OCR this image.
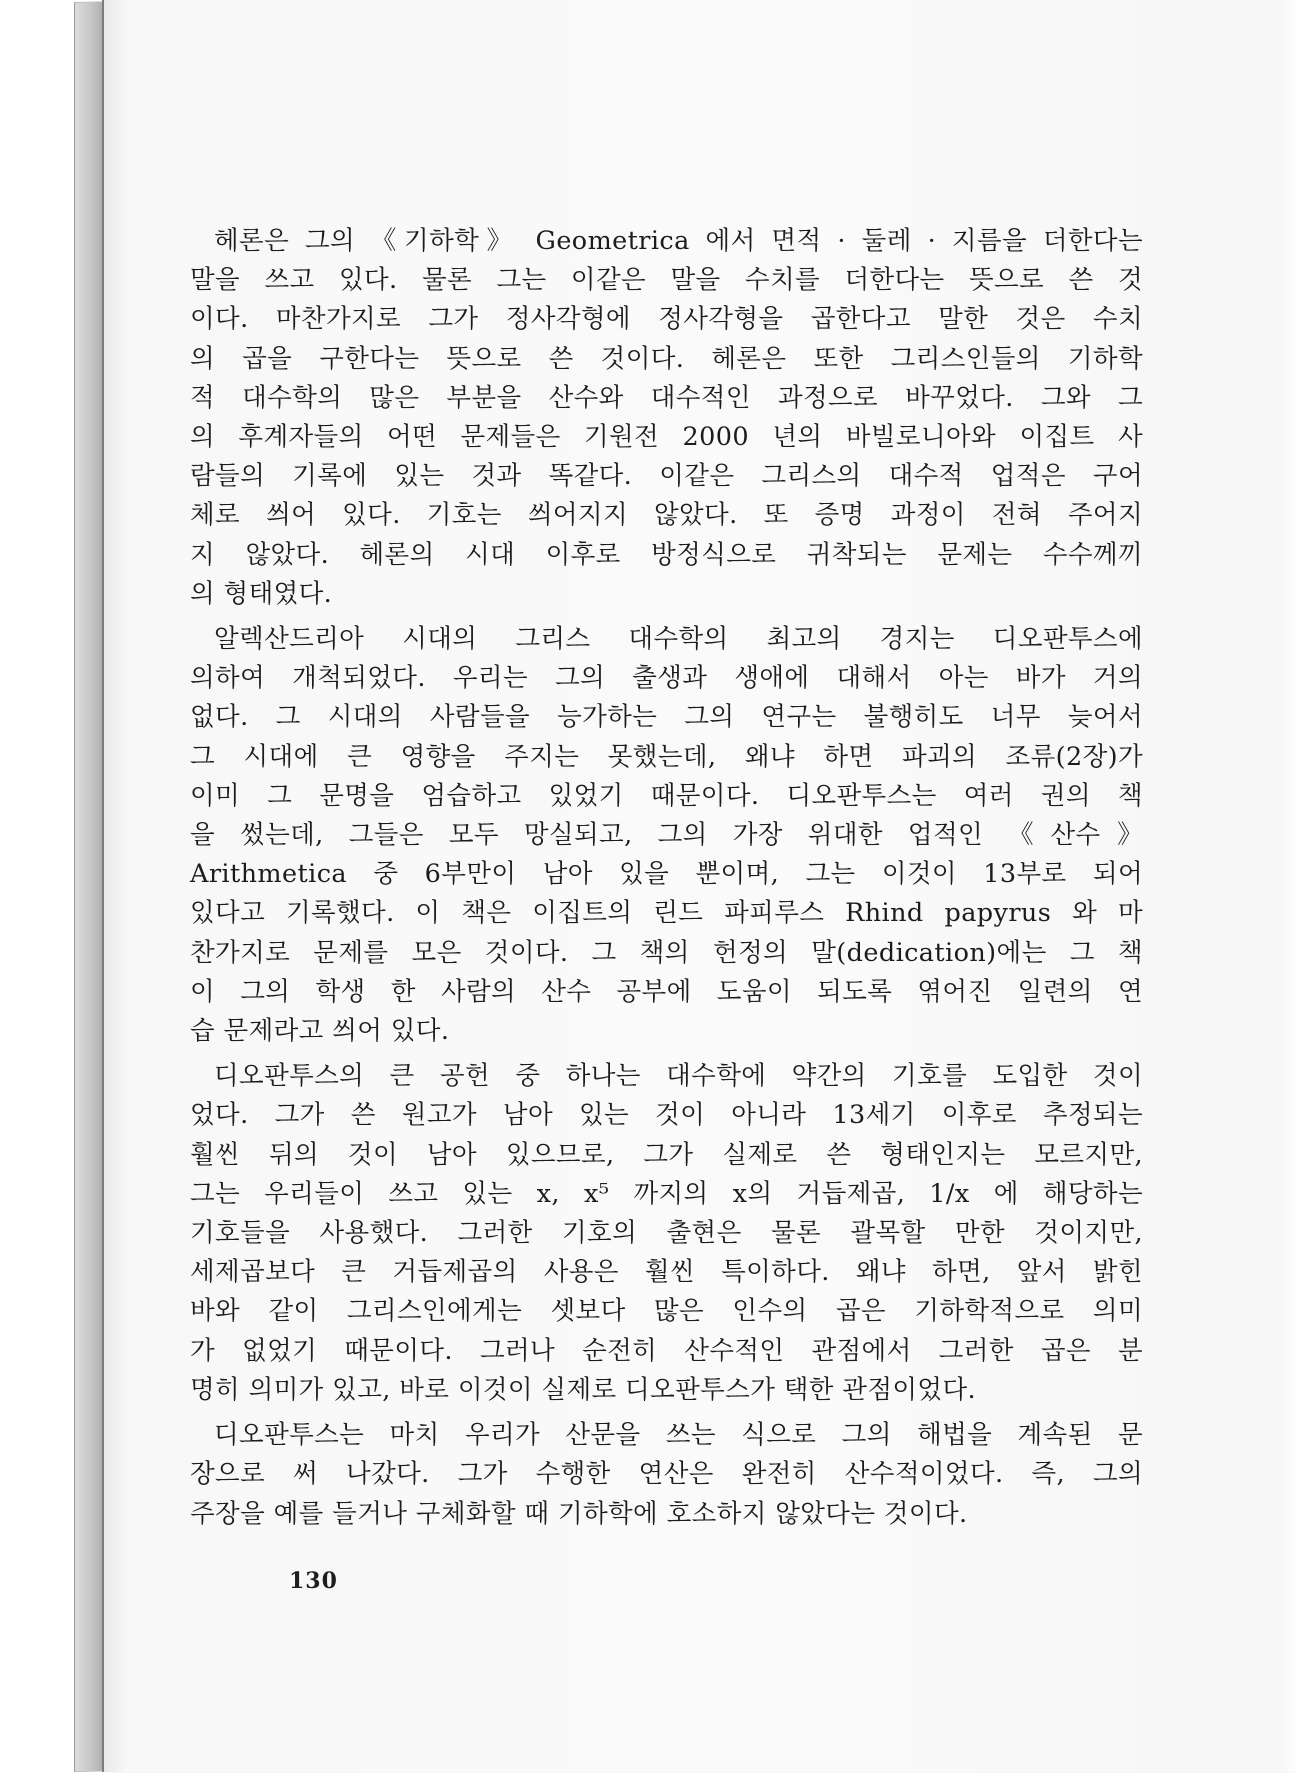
헤론은 그의 《기하학》 Geometrica 에서 면적 · 둘레 · 지름을 더한다는
말을 쓰고 있다. 물론 그는 이같은 말을 수치를 더한다는 뜻으로 쓴 것
이다. 마찬가지로 그가 정사각형에 정사각형을 곱한다고 말한 것은 수치
의 곱을 구한다는 뜻으로 쓴 것이다. 헤론은 또한 그리스인들의 기하학
적 대수학의 많은 부분을 산수와 대수적인 과정으로 바꾸었다. 그와 그
의 후계자들의 어떤 문제들은 기원전 2000 년의 바빌로니아와 이집트 사
람들의 기록에 있는 것과 똑같다. 이같은 그리스의 대수적 업적은 구어
체로 씌어 있다. 기호는 씌어지지 않았다. 또 증명 과정이 전혀 주어지
지 않았다. 헤론의 시대 이후로 방정식으로 귀착되는 문제는 수수께끼
의 형태였다.
알렉산드리아 시대의 그리스 대수학의 최고의 경지는 디오판투스에
의하여 개척되었다. 우리는 그의 출생과 생애에 대해서 아는 바가 거의
없다. 그 시대의 사람들을 능가하는 그의 연구는 불행히도 너무 늦어서
그 시대에 큰 영향을 주지는 못했는데, 왜냐 하면 파괴의 조류(2장)가
이미 그 문명을 엄습하고 있었기 때문이다. 디오판투스는 여러 권의 책
을 썼는데, 그들은 모두 망실되고, 그의 가장 위대한 업적인 《산수》
Arithmetica 중 6부만이 남아 있을 뿐이며, 그는 이것이 13부로 되어
있다고 기록했다. 이 책은 이집트의 린드 파피루스 Rhind papyrus 와 마
찬가지로 문제를 모은 것이다. 그 책의 헌정의 말(dedication)에는 그 책
이 그의 학생 한 사람의 산수 공부에 도움이 되도록 엮어진 일련의 연
습 문제라고 씌어 있다.
디오판투스의 큰 공헌 중 하나는 대수학에 약간의 기호를 도입한 것이
었다. 그가 쓴 원고가 남아 있는 것이 아니라 13세기 이후로 추정되는
훨씬 뒤의 것이 남아 있으므로, 그가 실제로 쓴 형태인지는 모르지만,
그는 우리들이 쓰고 있는 x, x⁵ 까지의 x의 거듭제곱, 1/x 에 해당하는
기호들을 사용했다. 그러한 기호의 출현은 물론 괄목할 만한 것이지만,
세제곱보다 큰 거듭제곱의 사용은 훨씬 특이하다. 왜냐 하면, 앞서 밝힌
바와 같이 그리스인에게는 셋보다 많은 인수의 곱은 기하학적으로 의미
가 없었기 때문이다. 그러나 순전히 산수적인 관점에서 그러한 곱은 분
명히 의미가 있고, 바로 이것이 실제로 디오판투스가 택한 관점이었다.
디오판투스는 마치 우리가 산문을 쓰는 식으로 그의 해법을 계속된 문
장으로 써 나갔다. 그가 수행한 연산은 완전히 산수적이었다. 즉, 그의
주장을 예를 들거나 구체화할 때 기하학에 호소하지 않았다는 것이다.
130
